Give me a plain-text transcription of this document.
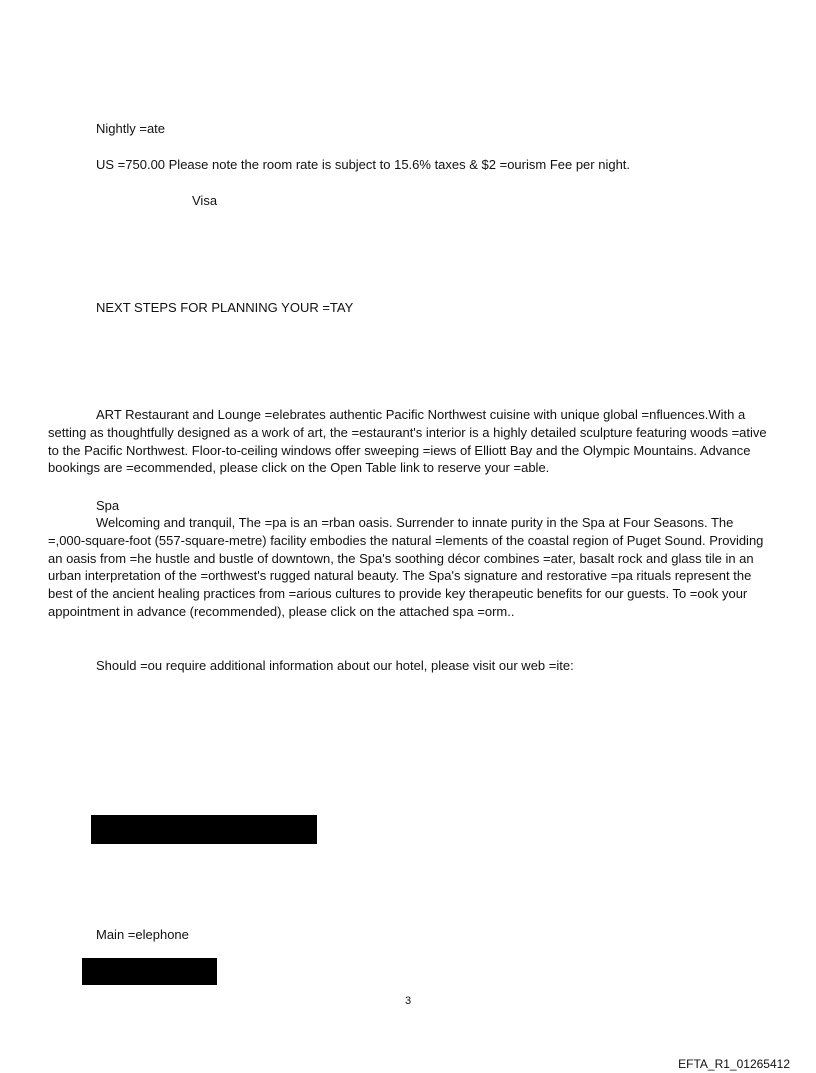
Nightly =ate
US =750.00 Please note the room rate is subject to 15.6% taxes & $2 =ourism Fee per night.
Visa
NEXT STEPS FOR PLANNING YOUR =TAY

ART Restaurant and Lounge =elebrates authentic Pacific Northwest cuisine with unique global =nfluences.With a setting as thoughtfully designed as a work of art, the =estaurant's interior is a highly detailed sculpture featuring woods =ative to the Pacific Northwest. Floor-to-ceiling windows offer sweeping =iews of Elliott Bay and the Olympic Mountains. Advance bookings are =ecommended, please click on the Open Table link to reserve your =able.

Spa

Welcoming and tranquil, The =pa is an =rban oasis. Surrender to innate purity in the Spa at Four Seasons. The
=,000-square-foot (557-square-metre) facility embodies the natural =lements of the coastal region of Puget Sound. Providing an oasis from =he hustle and bustle of downtown, the Spa's soothing décor combines =ater, basalt rock and glass tile in an urban interpretation of the =orthwest's rugged natural beauty. The Spa's signature and restorative =pa rituals represent the best of the ancient healing practices from =arious cultures to provide key therapeutic benefits for our guests. To =ook your appointment in advance (recommended), please click on the attached spa =orm..

Should =ou require additional information about our hotel, please visit our web =ite:
Main =elephone
3
EFTA_R1_01265412
